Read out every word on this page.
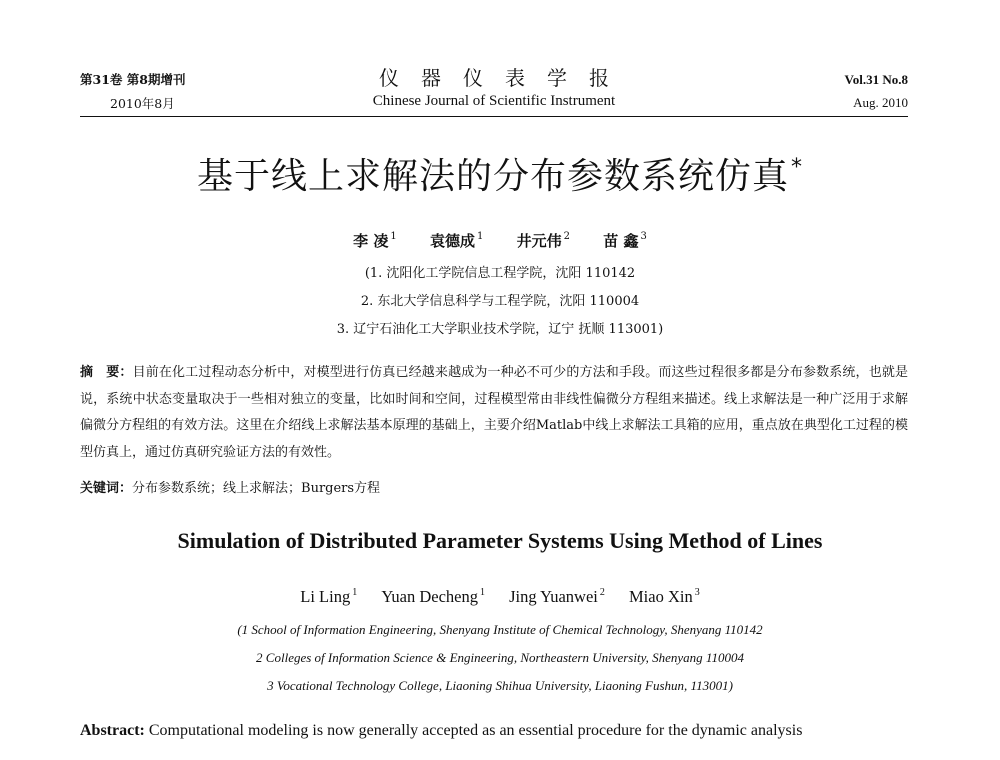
第31卷 第8期增刊
2010年8月
仪器仪表学报
Chinese Journal of Scientific Instrument
Vol.31 No.8
Aug. 2010
基于线上求解法的分布参数系统仿真*
李 凌 $^1$ 袁德成 $^1$ 井元伟 $^2$ 苗 鑫 $^3$
(1. 沈阳化工学院信息工程学院，沈阳 110142
2. 东北大学信息科学与工程学院，沈阳 110004
3. 辽宁石油化工大学职业技术学院，辽宁 抚顺 113001)
摘　要：目前在化工过程动态分析中，对模型进行仿真已经越来越成为一种必不可少的方法和手段。而这些过程很多都是分布参数系统，也就是说，系统中状态变量取决于一些相对独立的变量，比如时间和空间，过程模型常由非线性偏微分方程组来描述。线上求解法是一种广泛用于求解偏微分方程组的有效方法。这里在介绍线上求解法基本原理的基础上，主要介绍Matlab中线上求解法工具箱的应用，重点放在典型化工过程的模型仿真上，通过仿真研究验证方法的有效性。
关键词：分布参数系统；线上求解法；Burgers方程
Simulation of Distributed Parameter Systems Using Method of Lines
Li Ling $^1$ Yuan Decheng $^1$ Jing Yuanwei $^2$ Miao Xin $^3$
(1 School of Information Engineering, Shenyang Institute of Chemical Technology, Shenyang 110142
2 Colleges of Information Science & Engineering, Northeastern University, Shenyang 110004
3 Vocational Technology College, Liaoning Shihua University, Liaoning Fushun, 113001)
Abstract: Computational modeling is now generally accepted as an essential procedure for the dynamic analysis
